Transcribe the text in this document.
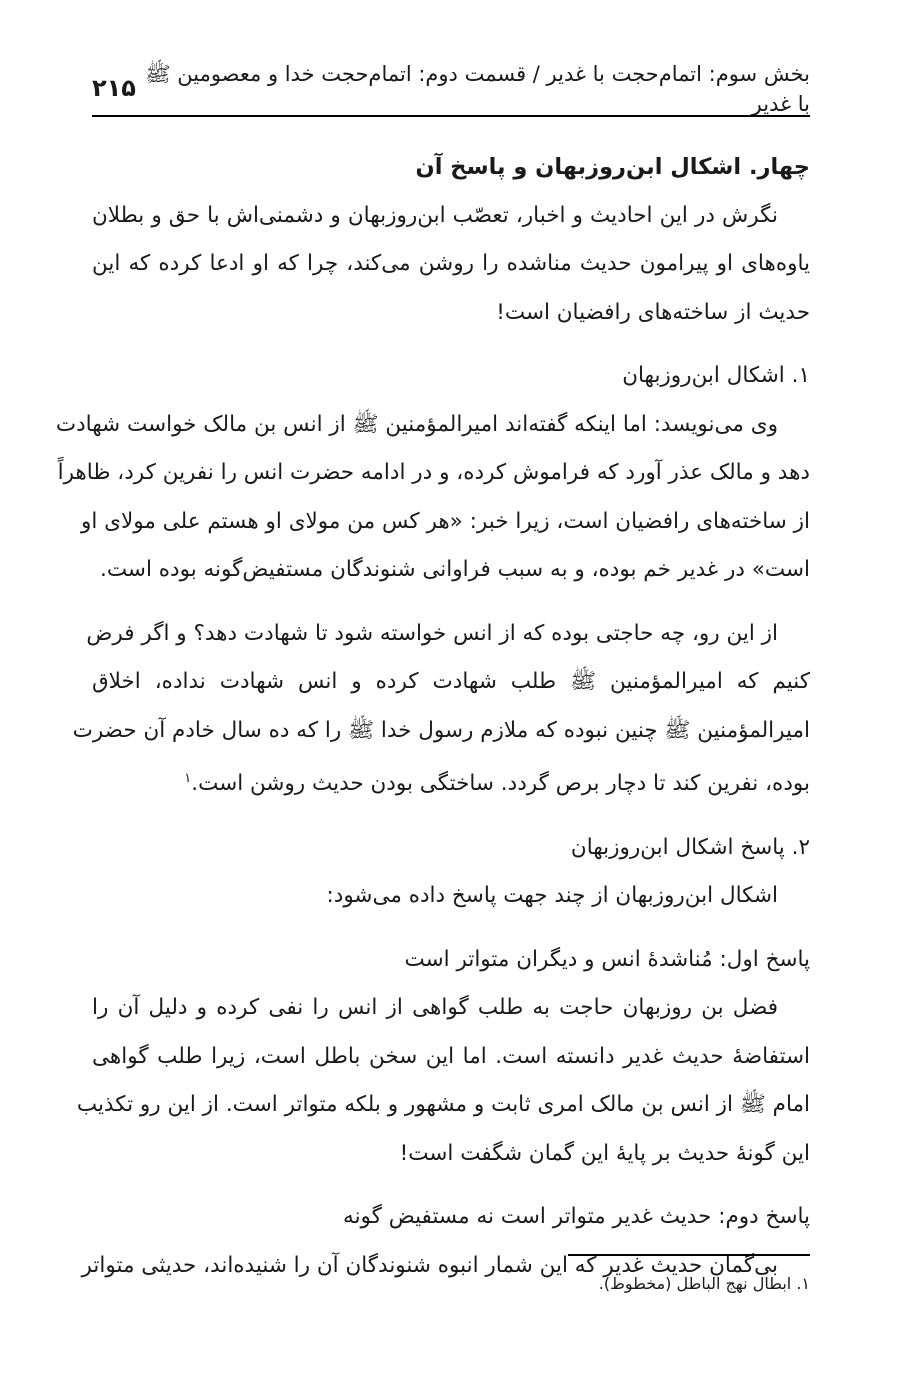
بخش سوم: اتمام‌حجت با غدیر / قسمت دوم: اتمام‌حجت خدا و معصومین ﷺ با غدیر
۲۱۵
چهار. اشکال ابن‌روزبهان و پاسخ آن
نگرش در این احادیث و اخبار، تعصّب ابن‌روزبهان و دشمنی‌اش با حق و بطلان
یاوه‌های او پیرامون حدیث مناشده را روشن می‌کند، چرا که او ادعا کرده که این
حدیث از ساخته‌های رافضیان است!
۱. اشکال ابن‌روزبهان
وی می‌نویسد: اما اینکه گفته‌اند امیرالمؤمنین ﷺ از انس بن مالک خواست شهادت
دهد و مالک عذر آورد که فراموش کرده، و در ادامه حضرت انس را نفرین کرد، ظاهراً
از ساخته‌های رافضیان است، زیرا خبر: «هر کس من مولای او هستم علی مولای او
است» در غدیر خم بوده، و به سبب فراوانی شنوندگان مستفیض‌گونه بوده است.
از این رو، چه حاجتی بوده که از انس خواسته شود تا شهادت دهد؟ و اگر فرض
کنیم که امیرالمؤمنین ﷺ طلب شهادت کرده و انس شهادت نداده، اخلاق
امیرالمؤمنین ﷺ چنین نبوده که ملازم رسول خدا ﷺ را که ده سال خادم آن حضرت
بوده، نفرین کند تا دچار برص گردد. ساختگی بودن حدیث روشن است.$^۱$
۲. پاسخ اشکال ابن‌روزبهان
اشکال ابن‌روزبهان از چند جهت پاسخ داده می‌شود:
پاسخ اول: مُناشدۀ انس و دیگران متواتر است
فضل بن روزبهان حاجت به طلب گواهی از انس را نفی کرده و دلیل آن را
استفاضۀ حدیث غدیر دانسته است. اما این سخن باطل است، زیرا طلب گواهی
امام ﷺ از انس بن مالک امری ثابت و مشهور و بلکه متواتر است. از این رو تکذیب
این گونۀ حدیث بر پایۀ این گمان شگفت است!
پاسخ دوم: حدیث غدیر متواتر است نه مستفیض گونه
بی‌گمان حدیث غدیر که این شمار انبوه شنوندگان آن را شنیده‌اند، حدیثی متواتر
۱. ابطال نهج الباطل (مخطوط).
